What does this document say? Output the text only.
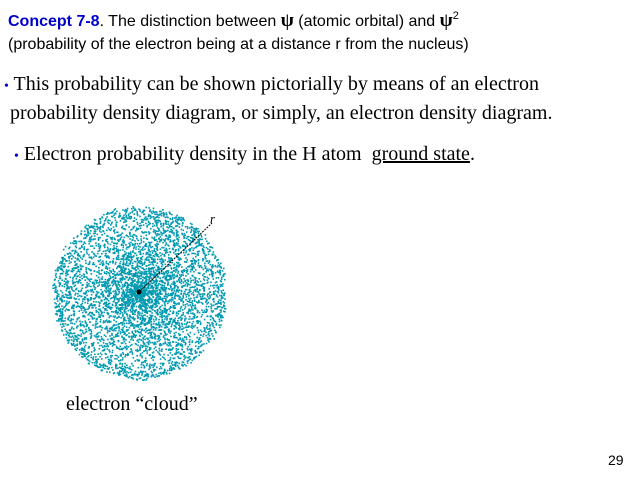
Concept 7-8. The distinction between ψ (atomic orbital) and $\psi^2$
(probability of the electron being at a distance r from the nucleus)
• This probability can be shown pictorially by means of an electron
probability density diagram, or simply, an electron density diagram.
• Electron probability density in the H atom ground state.
r
electron “cloud”
29
